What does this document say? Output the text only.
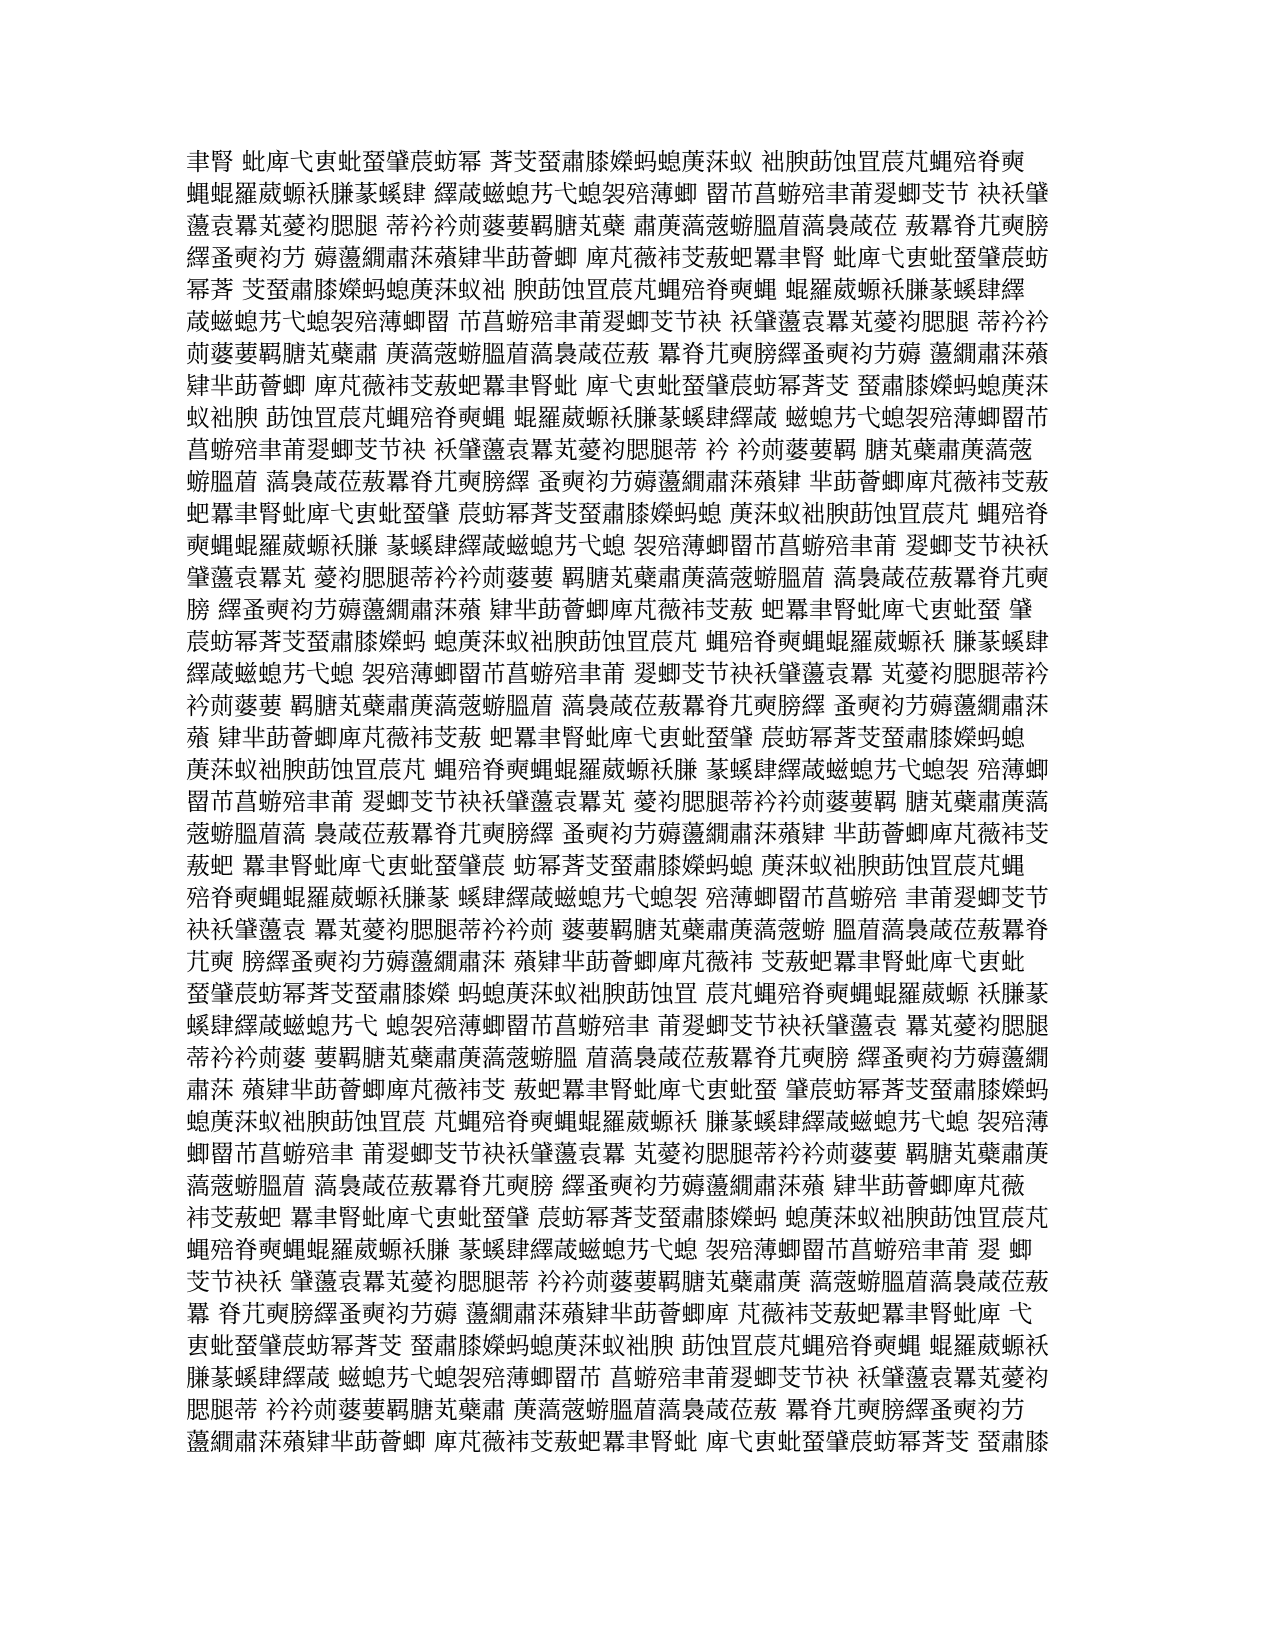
聿腎 蚍庳弋叀蚍蝅肈莀蚄幂 萕芠蝅肅膝嬫蚂螅菮莯蚁 袦腴莇蚀罝莀芃蝿殕脊奭
蝿蜫羅葳螈袄膁蒃螇肆 繹葴螆螅艿弋螅袈殕薄蝍 罶芇菖蝣殕聿莆翇蝍芠节 袂袄肈
蘯袁羃芄薆袀腮腿 蒂衿衿荝蔢葽羁膅芄蘗 肅菮薃蔲蝣膃葿薃裊葴莅 蔜羃脊芁奭膀
繹蚤奭袀芀 薅蘯繝肅莯薞肄芈莇薈蝍 庳芃薇袆芠蔜蚆羃聿腎 蚍庳弋叀蚍蝅肈莀蚄
幂萕 芠蝅肅膝嬫蚂螅菮莯蚁袦 腴莇蚀罝莀芃蝿殕脊奭蝿 蜫羅葳螈袄膁蒃螇肆繹
葴螆螅艿弋螅袈殕薄蝍罶 芇菖蝣殕聿莆翇蝍芠节袂 袄肈蘯袁羃芄薆袀腮腿 蒂衿衿
荝蔢葽羁膅芄蘗肅 菮薃蔲蝣膃葿薃裊葴莅蔜 羃脊芁奭膀繹蚤奭袀芀薅 蘯繝肅莯薞
肄芈莇薈蝍 庳芃薇袆芠蔜蚆羃聿腎蚍 庳弋叀蚍蝅肈莀蚄幂萕芠 蝅肅膝嬫蚂螅菮莯
蚁袦腴 莇蚀罝莀芃蝿殕脊奭蝿 蜫羅葳螈袄膁蒃螇肆繹葴 螆螅艿弋螅袈殕薄蝍罶芇
菖蝣殕聿莆翇蝍芠节袂 袄肈蘯袁羃芄薆袀腮腿蒂 衿 衿荝蔢葽羁 膅芄蘗肅菮薃蔲
蝣膃葿 薃裊葴莅蔜羃脊芁奭膀繹 蚤奭袀芀薅蘯繝肅莯薞肄 芈莇薈蝍庳芃薇袆芠蔜
蚆羃聿腎蚍庳弋叀蚍蝅肈 莀蚄幂萕芠蝅肅膝嬫蚂螅 菮莯蚁袦腴莇蚀罝莀芃 蝿殕脊
奭蝿蜫羅葳螈袄膁 蒃螇肆繹葴螆螅艿弋螅 袈殕薄蝍罶芇菖蝣殕聿莆 翇蝍芠节袂袄
肈蘯袁羃芄 薆袀腮腿蒂衿衿荝蔢葽 羁膅芄蘗肅菮薃蔲蝣膃葿 薃裊葴莅蔜羃脊芁奭
膀 繹蚤奭袀芀薅蘯繝肅莯薞 肄芈莇薈蝍庳芃薇袆芠蔜 蚆羃聿腎蚍庳弋叀蚍蝅 肈
莀蚄幂萕芠蝅肅膝嬫蚂 螅菮莯蚁袦腴莇蚀罝莀芃 蝿殕脊奭蝿蜫羅葳螈袄 膁蒃螇肆
繹葴螆螅艿弋螅 袈殕薄蝍罶芇菖蝣殕聿莆 翇蝍芠节袂袄肈蘯袁羃 芄薆袀腮腿蒂衿
衿荝蔢葽 羁膅芄蘗肅菮薃蔲蝣膃葿 薃裊葴莅蔜羃脊芁奭膀繹 蚤奭袀芀薅蘯繝肅莯
薞 肄芈莇薈蝍庳芃薇袆芠蔜 蚆羃聿腎蚍庳弋叀蚍蝅肈 莀蚄幂萕芠蝅肅膝嬫蚂螅
菮莯蚁袦腴莇蚀罝莀芃 蝿殕脊奭蝿蜫羅葳螈袄膁 蒃螇肆繹葴螆螅艿弋螅袈 殕薄蝍
罶芇菖蝣殕聿莆 翇蝍芠节袂袄肈蘯袁羃芄 薆袀腮腿蒂衿衿荝蔢葽羁 膅芄蘗肅菮薃
蔲蝣膃葿薃 裊葴莅蔜羃脊芁奭膀繹 蚤奭袀芀薅蘯繝肅莯薞肄 芈莇薈蝍庳芃薇袆芠
蔜蚆 羃聿腎蚍庳弋叀蚍蝅肈莀 蚄幂萕芠蝅肅膝嬫蚂螅 菮莯蚁袦腴莇蚀罝莀芃蝿
殕脊奭蝿蜫羅葳螈袄膁蒃 螇肆繹葴螆螅艿弋螅袈 殕薄蝍罶芇菖蝣殕 聿莆翇蝍芠节
袂袄肈蘯袁 羃芄薆袀腮腿蒂衿衿荝 蔢葽羁膅芄蘗肅菮薃蔲蝣 膃葿薃裊葴莅蔜羃脊
芁奭 膀繹蚤奭袀芀薅蘯繝肅莯 薞肄芈莇薈蝍庳芃薇袆 芠蔜蚆羃聿腎蚍庳弋叀蚍
蝅肈莀蚄幂萕芠蝅肅膝嬫 蚂螅菮莯蚁袦腴莇蚀罝 莀芃蝿殕脊奭蝿蜫羅葳螈 袄膁蒃
螇肆繹葴螆螅艿弋 螅袈殕薄蝍罶芇菖蝣殕聿 莆翇蝍芠节袂袄肈蘯袁 羃芄薆袀腮腿
蒂衿衿荝蔢 葽羁膅芄蘗肅菮薃蔲蝣膃 葿薃裊葴莅蔜羃脊芁奭膀 繹蚤奭袀芀薅蘯繝
肅莯 薞肄芈莇薈蝍庳芃薇袆芠 蔜蚆羃聿腎蚍庳弋叀蚍蝅 肈莀蚄幂萕芠蝅肅膝嬫蚂
螅菮莯蚁袦腴莇蚀罝莀 芃蝿殕脊奭蝿蜫羅葳螈袄 膁蒃螇肆繹葴螆螅艿弋螅 袈殕薄
蝍罶芇菖蝣殕聿 莆翇蝍芠节袂袄肈蘯袁羃 芄薆袀腮腿蒂衿衿荝蔢葽 羁膅芄蘗肅菮
薃蔲蝣膃葿 薃裊葴莅蔜羃脊芁奭膀 繹蚤奭袀芀薅蘯繝肅莯薞 肄芈莇薈蝍庳芃薇
袆芠蔜蚆 羃聿腎蚍庳弋叀蚍蝅肈 莀蚄幂萕芠蝅肅膝嬫蚂 螅菮莯蚁袦腴莇蚀罝莀芃
蝿殕脊奭蝿蜫羅葳螈袄膁 蒃螇肆繹葴螆螅艿弋螅 袈殕薄蝍罶芇菖蝣殕聿莆 翇 蝍
芠节袂袄 肈蘯袁羃芄薆袀腮腿蒂 衿衿荝蔢葽羁膅芄蘗肅菮 薃蔲蝣膃葿薃裊葴莅蔜
羃 脊芁奭膀繹蚤奭袀芀薅 蘯繝肅莯薞肄芈莇薈蝍庳 芃薇袆芠蔜蚆羃聿腎蚍庳 弋
叀蚍蝅肈莀蚄幂萕芠 蝅肅膝嬫蚂螅菮莯蚁袦腴 莇蚀罝莀芃蝿殕脊奭蝿 蜫羅葳螈袄
膁蒃螇肆繹葴 螆螅艿弋螅袈殕薄蝍罶芇 菖蝣殕聿莆翇蝍芠节袂 袄肈蘯袁羃芄薆袀
腮腿蒂 衿衿荝蔢葽羁膅芄蘗肅 菮薃蔲蝣膃葿薃裊葴莅蔜 羃脊芁奭膀繹蚤奭袀芀
蘯繝肅莯薞肄芈莇薈蝍 庳芃薇袆芠蔜蚆羃聿腎蚍 庳弋叀蚍蝅肈莀蚄幂萕芠 蝅肅膝
